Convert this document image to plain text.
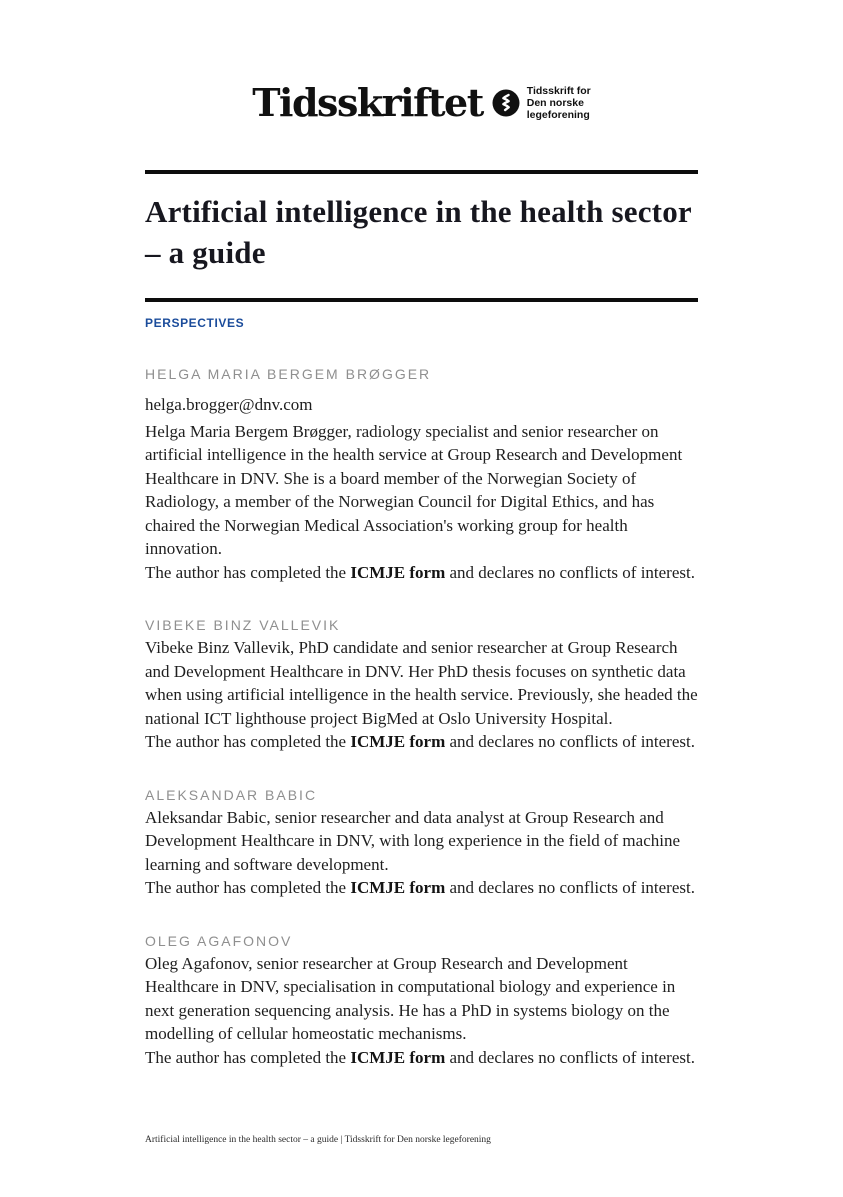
Tidsskriftet	Tidsskrift for
Den norske
legeforening
Artificial intelligence in the health sector – a guide
PERSPECTIVES
HELGA MARIA BERGEM BRØGGER
helga.brogger@dnv.com

Helga Maria Bergem Brøgger, radiology specialist and senior researcher on artificial intelligence in the health service at Group Research and Development Healthcare in DNV. She is a board member of the Norwegian Society of Radiology, a member of the Norwegian Council for Digital Ethics, and has chaired the Norwegian Medical Association's working group for health innovation.

The author has completed the ICMJE form and declares no conflicts of interest.

VIBEKE BINZ VALLEVIK

Vibeke Binz Vallevik, PhD candidate and senior researcher at Group Research and Development Healthcare in DNV. Her PhD thesis focuses on synthetic data when using artificial intelligence in the health service. Previously, she headed the national ICT lighthouse project BigMed at Oslo University Hospital.

The author has completed the ICMJE form and declares no conflicts of interest.

ALEKSANDAR BABIC

Aleksandar Babic, senior researcher and data analyst at Group Research and Development Healthcare in DNV, with long experience in the field of machine learning and software development.

The author has completed the ICMJE form and declares no conflicts of interest.

OLEG AGAFONOV

Oleg Agafonov, senior researcher at Group Research and Development Healthcare in DNV, specialisation in computational biology and experience in next generation sequencing analysis. He has a PhD in systems biology on the modelling of cellular homeostatic mechanisms.

The author has completed the ICMJE form and declares no conflicts of interest.

Artificial intelligence in the health sector – a guide | Tidsskrift for Den norske legeforening
